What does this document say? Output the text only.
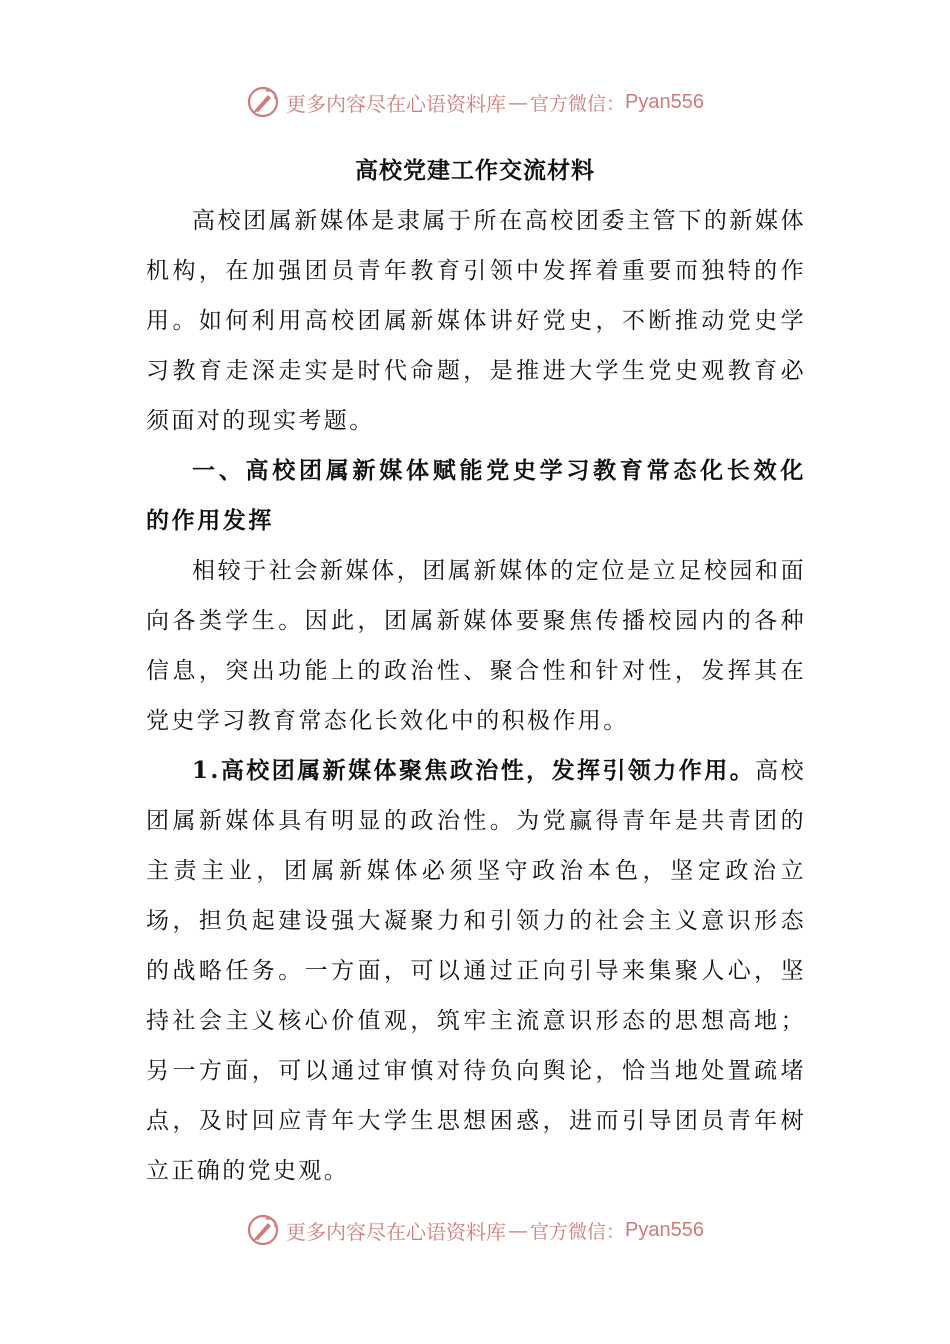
更多内容尽在心语资料库 — 官方微信： Pyan556
高校党建工作交流材料

高校团属新媒体是隶属于所在高校团委主管下的新媒体机构，在加强团员青年教育引领中发挥着重要而独特的作用。如何利用高校团属新媒体讲好党史，不断推动党史学习教育走深走实是时代命题，是推进大学生党史观教育必须面对的现实考题。

一、高校团属新媒体赋能党史学习教育常态化长效化的作用发挥

相较于社会新媒体，团属新媒体的定位是立足校园和面向各类学生。因此，团属新媒体要聚焦传播校园内的各种信息，突出功能上的政治性、聚合性和针对性，发挥其在党史学习教育常态化长效化中的积极作用。

1.高校团属新媒体聚焦政治性，发挥引领力作用。高校团属新媒体具有明显的政治性。为党赢得青年是共青团的主责主业，团属新媒体必须坚守政治本色，坚定政治立场，担负起建设强大凝聚力和引领力的社会主义意识形态的战略任务。一方面，可以通过正向引导来集聚人心，坚持社会主义核心价值观，筑牢主流意识形态的思想高地；另一方面，可以通过审慎对待负向舆论，恰当地处置疏堵点，及时回应青年大学生思想困惑，进而引导团员青年树立正确的党史观。

更多内容尽在心语资料库 — 官方微信： Pyan556
